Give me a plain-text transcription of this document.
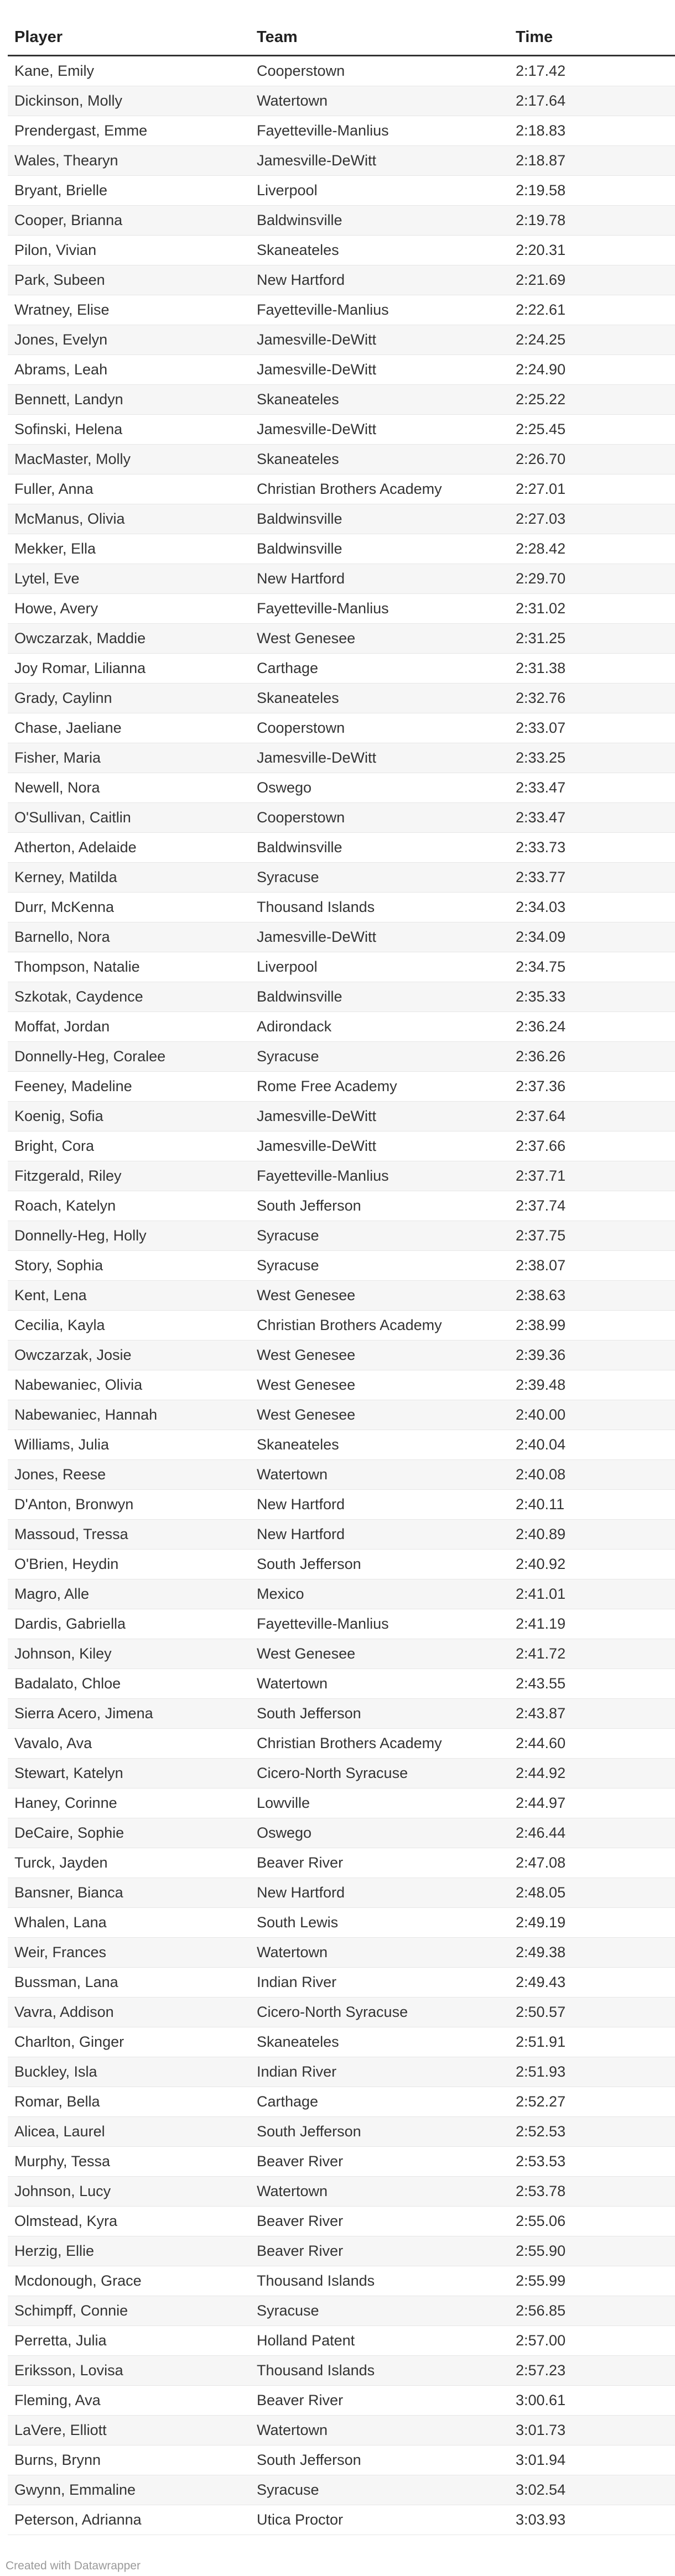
Player	Team	Time
Kane, Emily	Cooperstown	2:17.42
Dickinson, Molly	Watertown	2:17.64
Prendergast, Emme	Fayetteville-Manlius	2:18.83
Wales, Thearyn	Jamesville-DeWitt	2:18.87
Bryant, Brielle	Liverpool	2:19.58
Cooper, Brianna	Baldwinsville	2:19.78
Pilon, Vivian	Skaneateles	2:20.31
Park, Subeen	New Hartford	2:21.69
Wratney, Elise	Fayetteville-Manlius	2:22.61
Jones, Evelyn	Jamesville-DeWitt	2:24.25
Abrams, Leah	Jamesville-DeWitt	2:24.90
Bennett, Landyn	Skaneateles	2:25.22
Sofinski, Helena	Jamesville-DeWitt	2:25.45
MacMaster, Molly	Skaneateles	2:26.70
Fuller, Anna	Christian Brothers Academy	2:27.01
McManus, Olivia	Baldwinsville	2:27.03
Mekker, Ella	Baldwinsville	2:28.42
Lytel, Eve	New Hartford	2:29.70
Howe, Avery	Fayetteville-Manlius	2:31.02
Owczarzak, Maddie	West Genesee	2:31.25
Joy Romar, Lilianna	Carthage	2:31.38
Grady, Caylinn	Skaneateles	2:32.76
Chase, Jaeliane	Cooperstown	2:33.07
Fisher, Maria	Jamesville-DeWitt	2:33.25
Newell, Nora	Oswego	2:33.47
O'Sullivan, Caitlin	Cooperstown	2:33.47
Atherton, Adelaide	Baldwinsville	2:33.73
Kerney, Matilda	Syracuse	2:33.77
Durr, McKenna	Thousand Islands	2:34.03
Barnello, Nora	Jamesville-DeWitt	2:34.09
Thompson, Natalie	Liverpool	2:34.75
Szkotak, Caydence	Baldwinsville	2:35.33
Moffat, Jordan	Adirondack	2:36.24
Donnelly-Heg, Coralee	Syracuse	2:36.26
Feeney, Madeline	Rome Free Academy	2:37.36
Koenig, Sofia	Jamesville-DeWitt	2:37.64
Bright, Cora	Jamesville-DeWitt	2:37.66
Fitzgerald, Riley	Fayetteville-Manlius	2:37.71
Roach, Katelyn	South Jefferson	2:37.74
Donnelly-Heg, Holly	Syracuse	2:37.75
Story, Sophia	Syracuse	2:38.07
Kent, Lena	West Genesee	2:38.63
Cecilia, Kayla	Christian Brothers Academy	2:38.99
Owczarzak, Josie	West Genesee	2:39.36
Nabewaniec, Olivia	West Genesee	2:39.48
Nabewaniec, Hannah	West Genesee	2:40.00
Williams, Julia	Skaneateles	2:40.04
Jones, Reese	Watertown	2:40.08
D'Anton, Bronwyn	New Hartford	2:40.11
Massoud, Tressa	New Hartford	2:40.89
O'Brien, Heydin	South Jefferson	2:40.92
Magro, Alle	Mexico	2:41.01
Dardis, Gabriella	Fayetteville-Manlius	2:41.19
Johnson, Kiley	West Genesee	2:41.72
Badalato, Chloe	Watertown	2:43.55
Sierra Acero, Jimena	South Jefferson	2:43.87
Vavalo, Ava	Christian Brothers Academy	2:44.60
Stewart, Katelyn	Cicero-North Syracuse	2:44.92
Haney, Corinne	Lowville	2:44.97
DeCaire, Sophie	Oswego	2:46.44
Turck, Jayden	Beaver River	2:47.08
Bansner, Bianca	New Hartford	2:48.05
Whalen, Lana	South Lewis	2:49.19
Weir, Frances	Watertown	2:49.38
Bussman, Lana	Indian River	2:49.43
Vavra, Addison	Cicero-North Syracuse	2:50.57
Charlton, Ginger	Skaneateles	2:51.91
Buckley, Isla	Indian River	2:51.93
Romar, Bella	Carthage	2:52.27
Alicea, Laurel	South Jefferson	2:52.53
Murphy, Tessa	Beaver River	2:53.53
Johnson, Lucy	Watertown	2:53.78
Olmstead, Kyra	Beaver River	2:55.06
Herzig, Ellie	Beaver River	2:55.90
Mcdonough, Grace	Thousand Islands	2:55.99
Schimpff, Connie	Syracuse	2:56.85
Perretta, Julia	Holland Patent	2:57.00
Eriksson, Lovisa	Thousand Islands	2:57.23
Fleming, Ava	Beaver River	3:00.61
LaVere, Elliott	Watertown	3:01.73
Burns, Brynn	South Jefferson	3:01.94
Gwynn, Emmaline	Syracuse	3:02.54
Peterson, Adrianna	Utica Proctor	3:03.93
Created with Datawrapper
